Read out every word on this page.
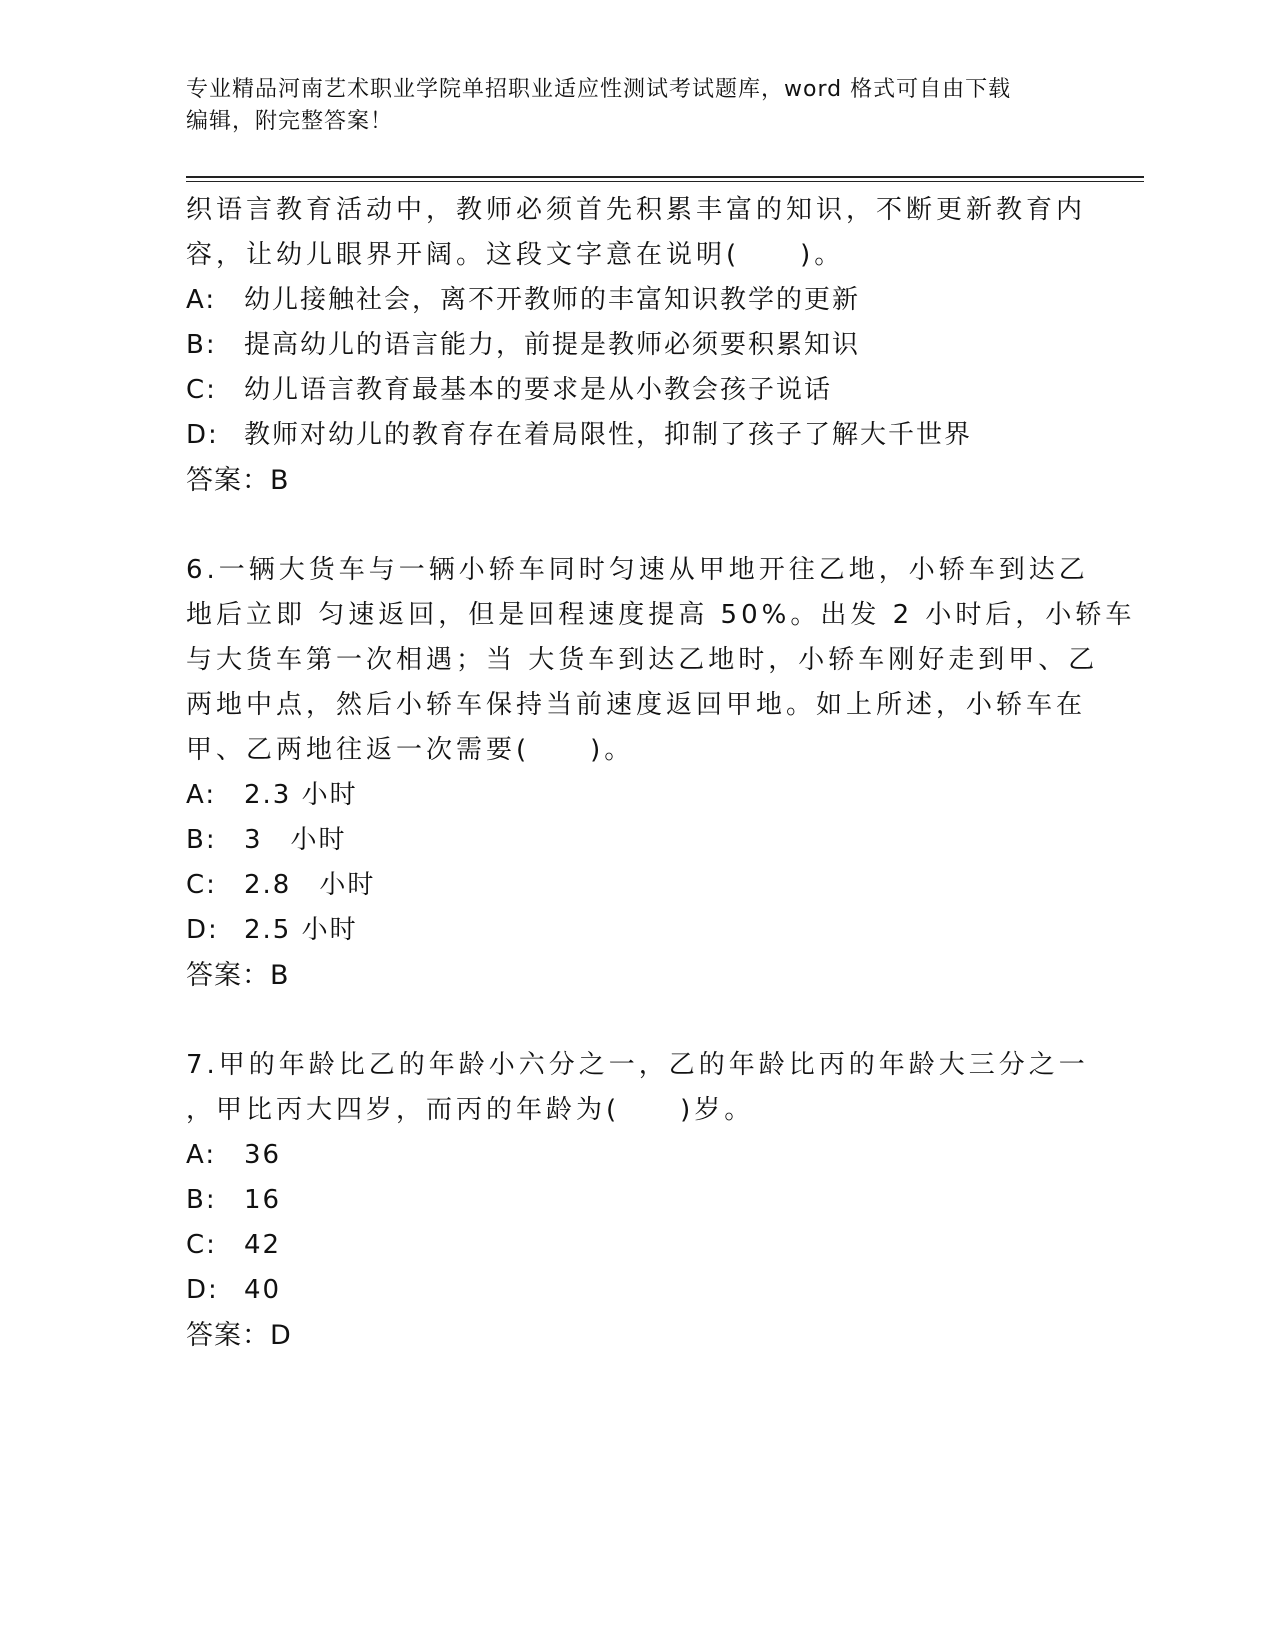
专业精品河南艺术职业学院单招职业适应性测试考试题库，word 格式可自由下载
编辑，附完整答案！
织语言教育活动中，教师必须首先积累丰富的知识，不断更新教育内
容，让幼儿眼界开阔。这段文字意在说明(　　)。
A: 幼儿接触社会，离不开教师的丰富知识教学的更新
B: 提高幼儿的语言能力，前提是教师必须要积累知识
C: 幼儿语言教育最基本的要求是从小教会孩子说话
D: 教师对幼儿的教育存在着局限性，抑制了孩子了解大千世界
答案：B
6.一辆大货车与一辆小轿车同时匀速从甲地开往乙地，小轿车到达乙
地后立即 匀速返回，但是回程速度提高 50%。出发 2 小时后，小轿车
与大货车第一次相遇；当 大货车到达乙地时，小轿车刚好走到甲、乙
两地中点，然后小轿车保持当前速度返回甲地。如上所述，小轿车在
甲、乙两地往返一次需要(　　)。
A: 2.3 小时
B: 3　小时
C: 2.8　小时
D: 2.5 小时
答案：B
7.甲的年龄比乙的年龄小六分之一，乙的年龄比丙的年龄大三分之一
，甲比丙大四岁，而丙的年龄为(　　)岁。
A: 36
B: 16
C: 42
D: 40
答案：D
